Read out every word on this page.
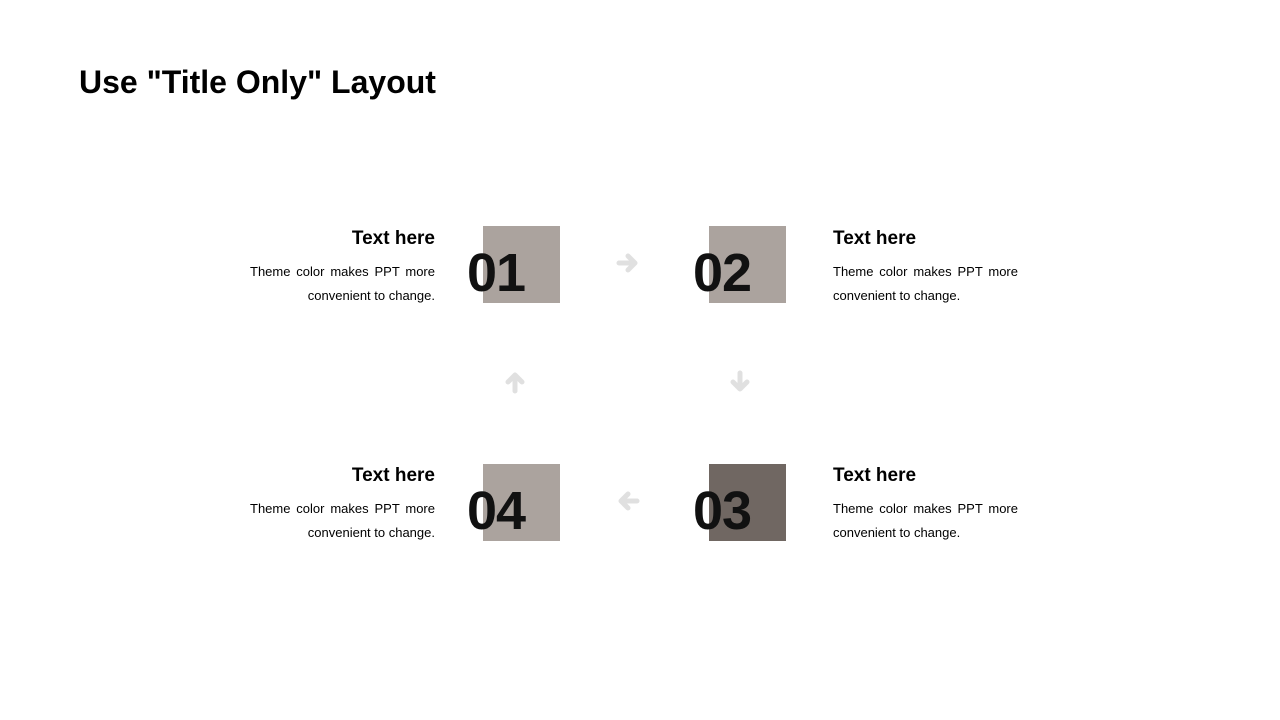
Use "Title Only" Layout
Text here
Theme color makes PPT more convenient to change. 01	02
Text here
Theme color makes PPT more convenient to change.
03
Text here
Theme color makes PPT more convenient to change.
Text here
Theme color makes PPT more convenient to change. 04
